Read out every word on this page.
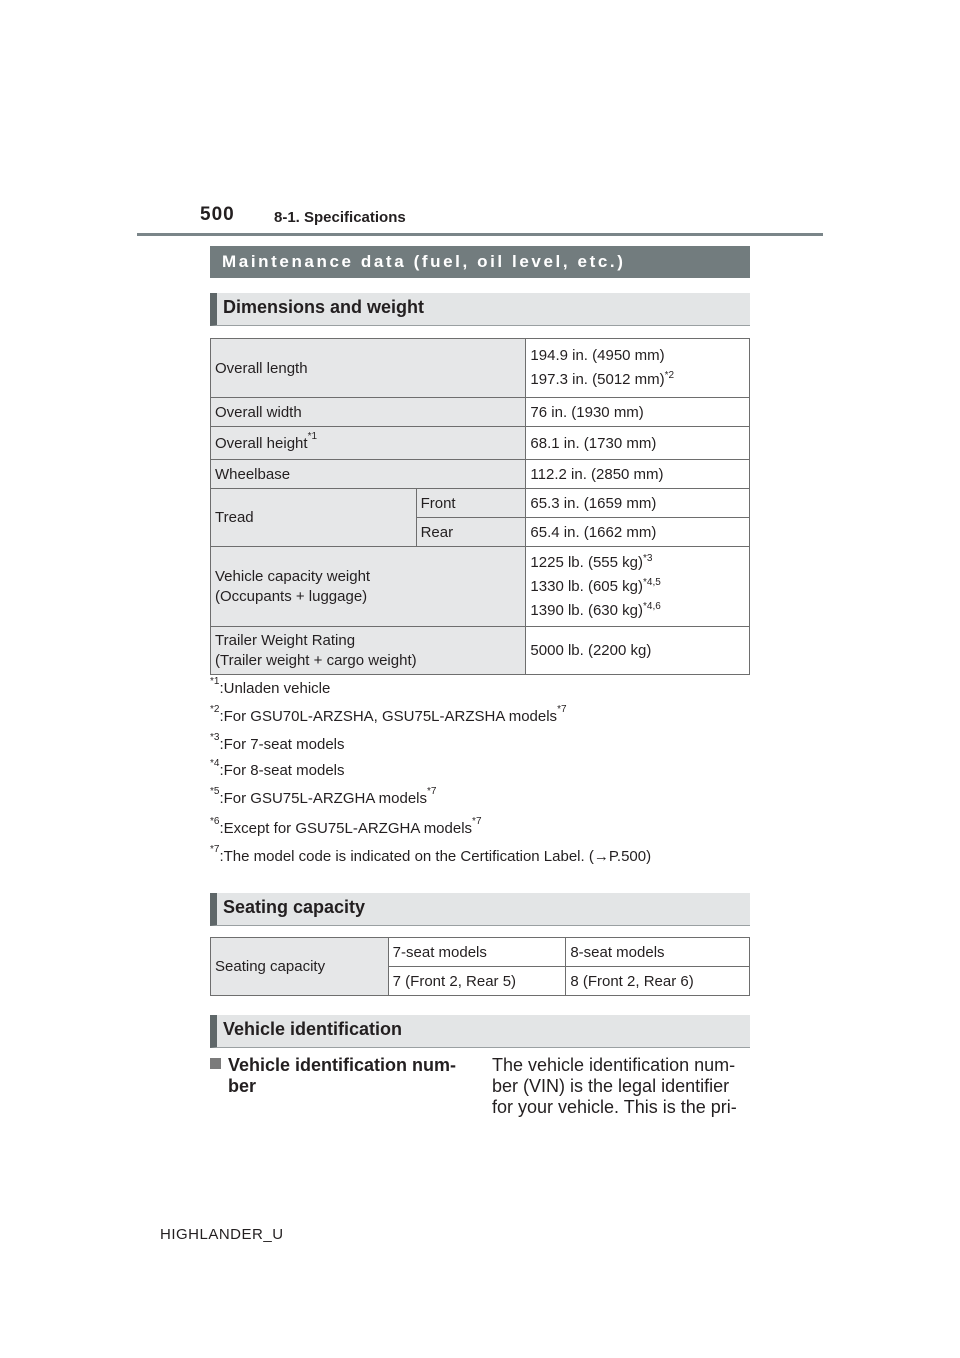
500	8-1. Specifications
Maintenance data (fuel, oil level, etc.)
Dimensions and weight
Overall length		194.9 in. (4950 mm)
197.3 in. (5012 mm)$^{*2}$

Overall width		76 in. (1930 mm)
Overall height$^{*1}$		68.1 in. (1730 mm)
Wheelbase		112.2 in. (2850 mm)
Tread	Front	65.3 in. (1659 mm)
	Rear	65.4 in. (1662 mm)

Vehicle capacity weight
(Occupants + luggage)		1225 lb. (555 kg)$^{*3}$
1330 lb. (605 kg)$^{*4,5}$
1390 lb. (630 kg)$^{*4,6}$

Trailer Weight Rating
(Trailer weight + cargo weight)		5000 lb. (2200 kg)
$^{*1}$:Unladen vehicle
$^{*2}$:For GSU70L-ARZSHA, GSU75L-ARZSHA models$^{*7}$
$^{*3}$:For 7-seat models
$^{*4}$:For 8-seat models
$^{*5}$:For GSU75L-ARZGHA models$^{*7}$
$^{*6}$:Except for GSU75L-ARZGHA models$^{*7}$
$^{*7}$:The model code is indicated on the Certification Label. (→P.500)
Seating capacity
Seating capacity	7-seat models	8-seat models
	7 (Front 2, Rear 5)	8 (Front 2, Rear 6)
Vehicle identification
Vehicle identification num-
ber
The vehicle identification num-
ber (VIN) is the legal identifier
for your vehicle. This is the pri-
HIGHLANDER_U
